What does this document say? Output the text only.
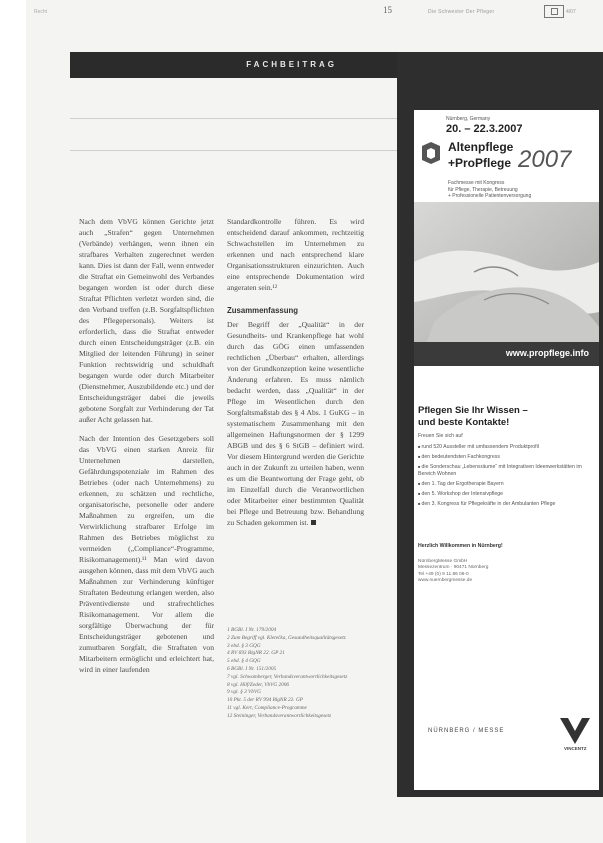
Recht	15	Die Schwester Der Pfleger	4/07
FACHBEITRAG

Nach dem VbVG können Gerichte jetzt auch „Strafen“ gegen Unternehmen (Verbände) verhängen, wenn ihnen ein strafbares Verhalten zugerechnet werden kann. Dies ist dann der Fall, wenn entweder die Straftat ein Gemeinwohl des Verbandes begangen worden ist oder durch diese Straftat Pflichten verletzt worden sind, die den Verband treffen (z.B. Sorgfaltspflichten des Pflegepersonals). Weiters ist erforderlich, dass die Straftat entweder durch einen Entscheidungsträger (z.B. ein Mitglied der leitenden Führung) in seiner Funktion rechtswidrig und schuldhaft begangen wurde oder durch Mitarbeiter (Dienstnehmer, Auszubildende etc.) und der Entscheidungsträger dabei die jeweils gebotene Sorgfalt zur Verhinderung der Tat außer Acht gelassen hat.

Nach der Intention des Gesetzgebers soll das VbVG einen starken Anreiz für Unternehmen darstellen, Gefährdungspotenziale im Rahmen des Betriebes (oder nach Unternehmens) zu erkennen, zu schätzen und rechtliche, organisatorische, personelle oder andere Maßnahmen zu ergreifen, um die Verwirklichung strafbarer Erfolge im Rahmen des Betriebes möglichst zu vermeiden („Compliance“-Programme, Risikomanagement).¹¹ Man wird davon ausgehen können, dass mit dem VbVG auch Maßnahmen zur Verhinderung künftiger Straftaten Bedeutung erlangen werden, also Präventivdienste und strafrechtliches Risikomanagement. Vor allem die sorgfältige Überwachung der für Entscheidungsträger gebotenen und zumutbaren Sorgfalt, die Straftaten von Mitarbeitern ermöglicht und erleichtert hat, wird in einer laufenden

Standardkontrolle führen. Es wird entscheidend darauf ankommen, rechtzeitig Schwachstellen im Unternehmen zu erkennen und nach entsprechend klare Organisationsstrukturen einzurichten. Auch eine entsprechende Dokumentation wird angeraten sein.¹²

Zusammenfassung

Der Begriff der „Qualität“ in der Gesundheits- und Krankenpflege hat wohl durch das GÖG einen umfassenden rechtlichen „Überbau“ erhalten, allerdings von der Grundkonzeption keine wesentliche Änderung erfahren. Es muss nämlich bedacht werden, dass „Qualität“ in der Pflege im Wesentlichen durch den Sorgfaltsmaßstab des § 4 Abs. 1 GuKG – in systematischem Zusammenhang mit den allgemeinen Haftungsnormen der § 1299 ABGB und des § 6 StGB – definiert wird. Vor diesem Hintergrund werden die Gerichte auch in der Zukunft zu urteilen haben, wenn es um die Beantwortung der Frage geht, ob im Einzelfall durch die Verantwortlichen oder Mitarbeiter einer bestimmten Qualität bei Pflege und Betreuung bzw. Behandlung zu Schaden gekommen ist.

1 BGBl. I Nr. 179/2004
2 Zum Begriff vgl. Kletečka, Gesundheitsqualitätsgesetz
3 ebd. § 3 GQG
4 RV 693 BlgNR 22. GP 21
5 ebd. § 4 GQG
6 BGBl. I Nr. 151/2005
7 vgl. Schwamberger, Verbandsverantwortlichkeitsgesetz
8 vgl. Hilf/Zeder, VbVG 2006
9 vgl. § 3 VbVG
10 Pkt. 5 der RV 994 BlgNR 22. GP
11 vgl. Kert, Compliance-Programme
12 Steininger, Verbandsverantwortlichkeitsgesetz
Nürnberg, Germany
20. – 22.3.2007
Altenpflege
+ProPflege 2007
Fachmesse mit Kongress
für Pflege, Therapie, Betreuung
+ Professionelle Patientenversorgung
www.propflege.info
Pflegen Sie Ihr Wissen –
und beste Kontakte!
Freuen Sie sich auf
■ rund 520 Aussteller mit umfassendem Produktprofil
■ den bedeutendsten Fachkongress
■ die Sonderschau „Lebensräume“ mit Integrativen Ideenwerkstätten im Bereich Wohnen
■ den 1. Tag der Ergotherapie Bayern
■ den 5. Workshop der Intensivpflege
■ den 3. Kongress für Pflegekräfte in der Ambulanten Pflege
Herzlich Willkommen in Nürnberg!
NürnbergMesse GmbH
Messezentrum · 90471 Nürnberg
Tel +49 (0) 9 11.86 06-0
www.nuernbergmesse.de
NÜRNBERG / MESSE
VINCENTZ
